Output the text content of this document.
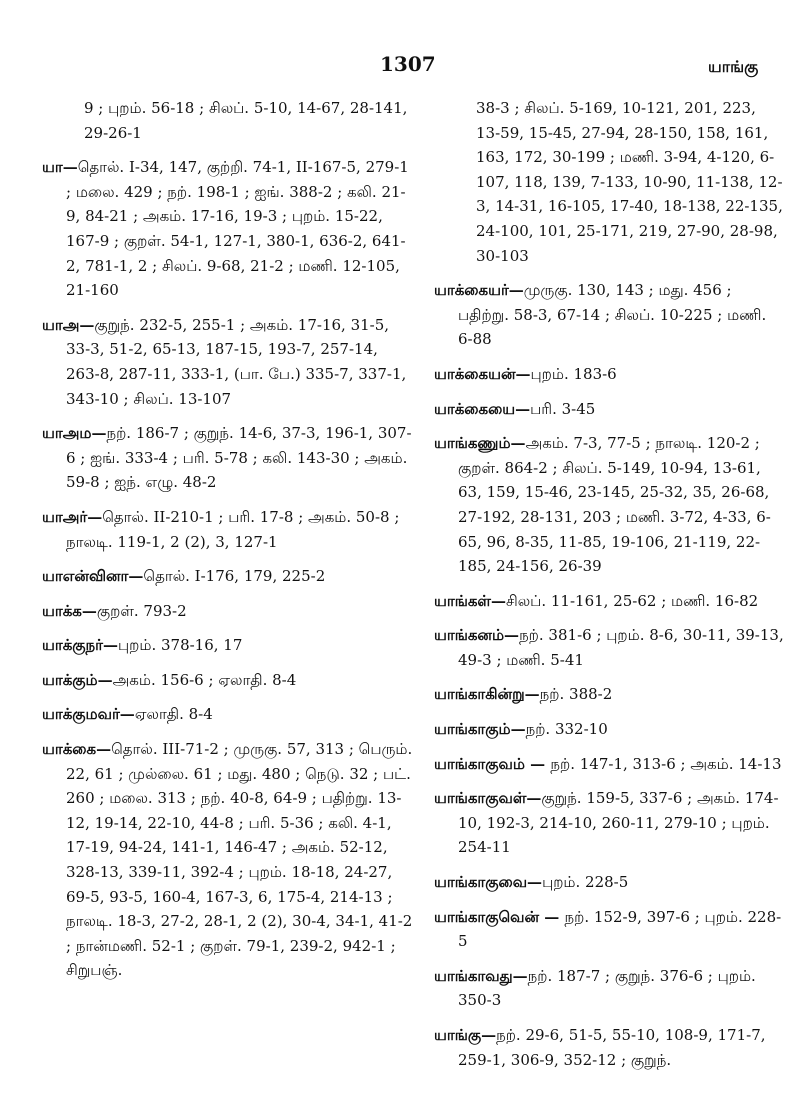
1307	யாங்கு
9 ; புறம். 56-18 ; சிலப். 5-10, 14-67, 28-141, 29-26-1
யா—தொல். I-34, 147, குற்றி. 74-1, II-167-5, 279-1 ; மலை. 429 ; நற். 198-1 ; ஐங். 388-2 ; கலி. 21-9, 84-21 ; அகம். 17-16, 19-3 ; புறம். 15-22, 167-9 ; குறள். 54-1, 127-1, 380-1, 636-2, 641-2, 781-1, 2 ; சிலப். 9-68, 21-2 ; மணி. 12-105, 21-160
யாஅ—குறுந். 232-5, 255-1 ; அகம். 17-16, 31-5, 33-3, 51-2, 65-13, 187-15, 193-7, 257-14, 263-8, 287-11, 333-1, (பா. பே.) 335-7, 337-1, 343-10 ; சிலப். 13-107
யாஅம—நற். 186-7 ; குறுந். 14-6, 37-3, 196-1, 307-6 ; ஐங். 333-4 ; பரி. 5-78 ; கலி. 143-30 ; அகம். 59-8 ; ஐந். எழு. 48-2
யாஅர்—தொல். II-210-1 ; பரி. 17-8 ; அகம். 50-8 ; நாலடி. 119-1, 2 (2), 3, 127-1
யாஎன்வினா—தொல். I-176, 179, 225-2
யாக்க—குறள். 793-2
யாக்குநர்—புறம். 378-16, 17
யாக்கும்—அகம். 156-6 ; ஏலாதி. 8-4
யாக்குமவர்—ஏலாதி. 8-4
யாக்கை—தொல். III-71-2 ; முருகு. 57, 313 ; பெரும். 22, 61 ; முல்லை. 61 ; மது. 480 ; நெடு. 32 ; பட். 260 ; மலை. 313 ; நற். 40-8, 64-9 ; பதிற்று. 13-12, 19-14, 22-10, 44-8 ; பரி. 5-36 ; கலி. 4-1, 17-19, 94-24, 141-1, 146-47 ; அகம். 52-12, 328-13, 339-11, 392-4 ; புறம். 18-18, 24-27, 69-5, 93-5, 160-4, 167-3, 6, 175-4, 214-13 ; நாலடி. 18-3, 27-2, 28-1, 2 (2), 30-4, 34-1, 41-2 ; நான்மணி. 52-1 ; குறள். 79-1, 239-2, 942-1 ; சிறுபஞ்.
38-3 ; சிலப். 5-169, 10-121, 201, 223, 13-59, 15-45, 27-94, 28-150, 158, 161, 163, 172, 30-199 ; மணி. 3-94, 4-120, 6-107, 118, 139, 7-133, 10-90, 11-138, 12-3, 14-31, 16-105, 17-40, 18-138, 22-135, 24-100, 101, 25-171, 219, 27-90, 28-98, 30-103
யாக்கையர்—முருகு. 130, 143 ; மது. 456 ; பதிற்று. 58-3, 67-14 ; சிலப். 10-225 ; மணி. 6-88
யாக்கையன்—புறம். 183-6
யாக்கையை—பரி. 3-45
யாங்கணும்—அகம். 7-3, 77-5 ; நாலடி. 120-2 ; குறள். 864-2 ; சிலப். 5-149, 10-94, 13-61, 63, 159, 15-46, 23-145, 25-32, 35, 26-68, 27-192, 28-131, 203 ; மணி. 3-72, 4-33, 6-65, 96, 8-35, 11-85, 19-106, 21-119, 22-185, 24-156, 26-39
யாங்கள்—சிலப். 11-161, 25-62 ; மணி. 16-82
யாங்கனம்—நற். 381-6 ; புறம். 8-6, 30-11, 39-13, 49-3 ; மணி. 5-41
யாங்காகின்று—நற். 388-2
யாங்காகும்—நற். 332-10
யாங்காகுவம் — நற். 147-1, 313-6 ; அகம். 14-13
யாங்காகுவள்—குறுந். 159-5, 337-6 ; அகம். 174-10, 192-3, 214-10, 260-11, 279-10 ; புறம். 254-11
யாங்காகுவை—புறம். 228-5
யாங்காகுவென் — நற். 152-9, 397-6 ; புறம். 228-5
யாங்காவது—நற். 187-7 ; குறுந். 376-6 ; புறம். 350-3
யாங்கு—நற். 29-6, 51-5, 55-10, 108-9, 171-7, 259-1, 306-9, 352-12 ; குறுந்.
